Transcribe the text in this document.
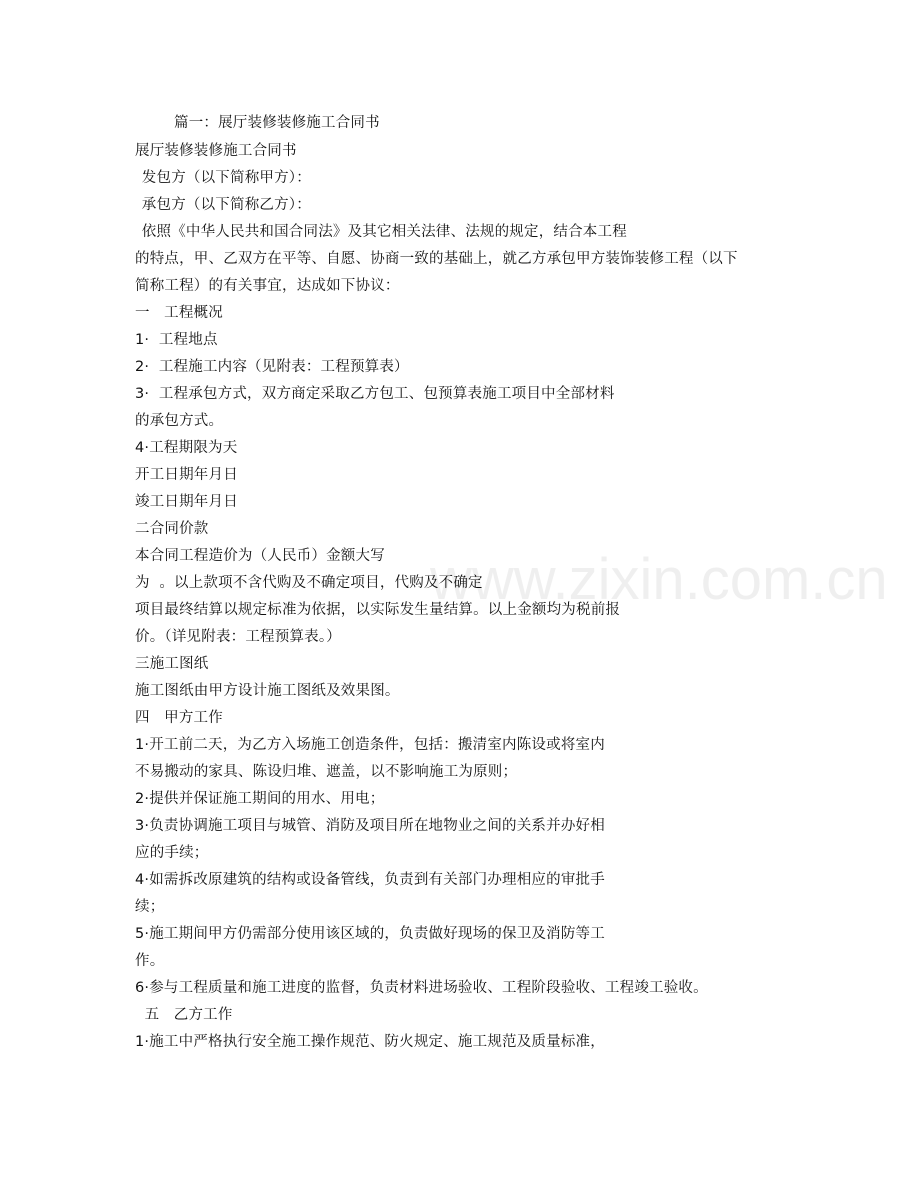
www.zixin.com.cn
篇一：展厅装修装修施工合同书
展厅装修装修施工合同书
发包方（以下简称甲方）：
承包方（以下简称乙方）：
依照《中华人民共和国合同法》及其它相关法律、法规的规定，结合本工程
的特点，甲、乙双方在平等、自愿、协商一致的基础上，就乙方承包甲方装饰装修工程（以下
简称工程）的有关事宜，达成如下协议：
一   工程概况
1·  工程地点
2·  工程施工内容（见附表：工程预算表）
3·  工程承包方式，双方商定采取乙方包工、包预算表施工项目中全部材料
的承包方式。
4·工程期限为天
开工日期年月日
竣工日期年月日
二合同价款
本合同工程造价为（人民币）金额大写
为  。以上款项不含代购及不确定项目，代购及不确定
项目最终结算以规定标准为依据，以实际发生量结算。以上金额均为税前报
价。（详见附表：工程预算表。）
三施工图纸
施工图纸由甲方设计施工图纸及效果图。
四   甲方工作
1·开工前二天，为乙方入场施工创造条件，包括：搬清室内陈设或将室内
不易搬动的家具、陈设归堆、遮盖，以不影响施工为原则；
2·提供并保证施工期间的用水、用电；
3·负责协调施工项目与城管、消防及项目所在地物业之间的关系并办好相
应的手续；
4·如需拆改原建筑的结构或设备管线，负责到有关部门办理相应的审批手
续；
5·施工期间甲方仍需部分使用该区域的，负责做好现场的保卫及消防等工
作。
6·参与工程质量和施工进度的监督，负责材料进场验收、工程阶段验收、工程竣工验收。
五   乙方工作
1·施工中严格执行安全施工操作规范、防火规定、施工规范及质量标准，
